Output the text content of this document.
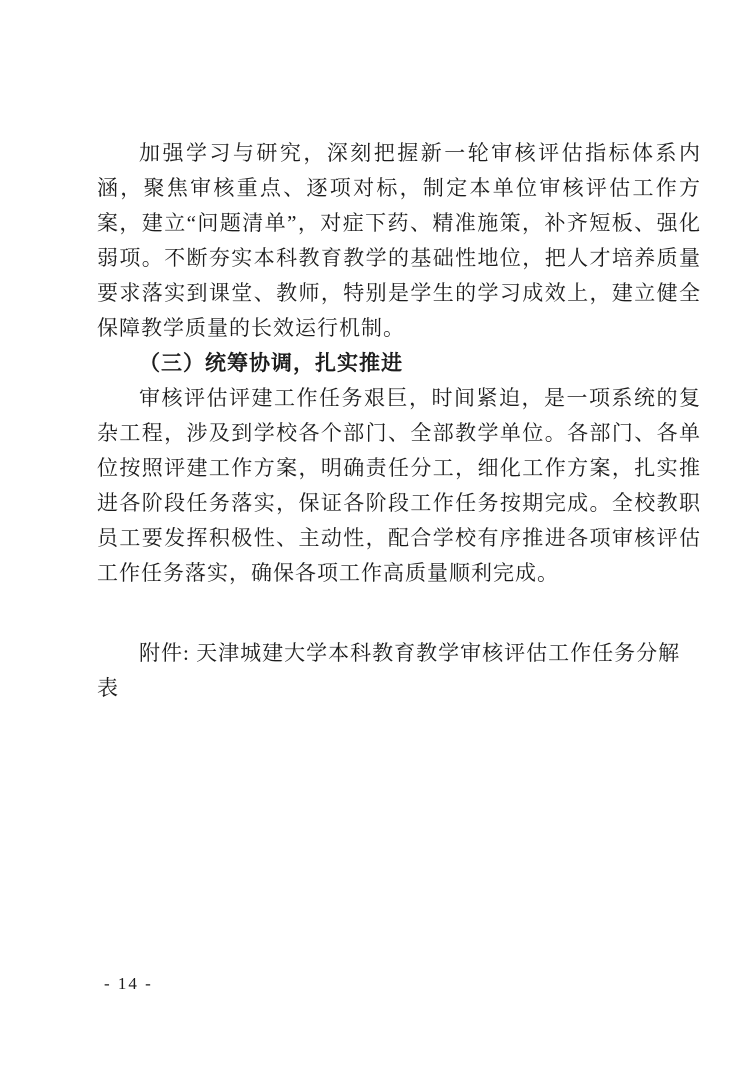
加强学习与研究，深刻把握新一轮审核评估指标体系内涵，聚焦审核重点、逐项对标，制定本单位审核评估工作方案，建立“问题清单”，对症下药、精准施策，补齐短板、强化弱项。不断夯实本科教育教学的基础性地位，把人才培养质量要求落实到课堂、教师，特别是学生的学习成效上，建立健全保障教学质量的长效运行机制。

（三）统筹协调，扎实推进

审核评估评建工作任务艰巨，时间紧迫，是一项系统的复杂工程，涉及到学校各个部门、全部教学单位。各部门、各单位按照评建工作方案，明确责任分工，细化工作方案，扎实推进各阶段任务落实，保证各阶段工作任务按期完成。全校教职员工要发挥积极性、主动性，配合学校有序推进各项审核评估工作任务落实，确保各项工作高质量顺利完成。

附件: 天津城建大学本科教育教学审核评估工作任务分解表

- 14 -
